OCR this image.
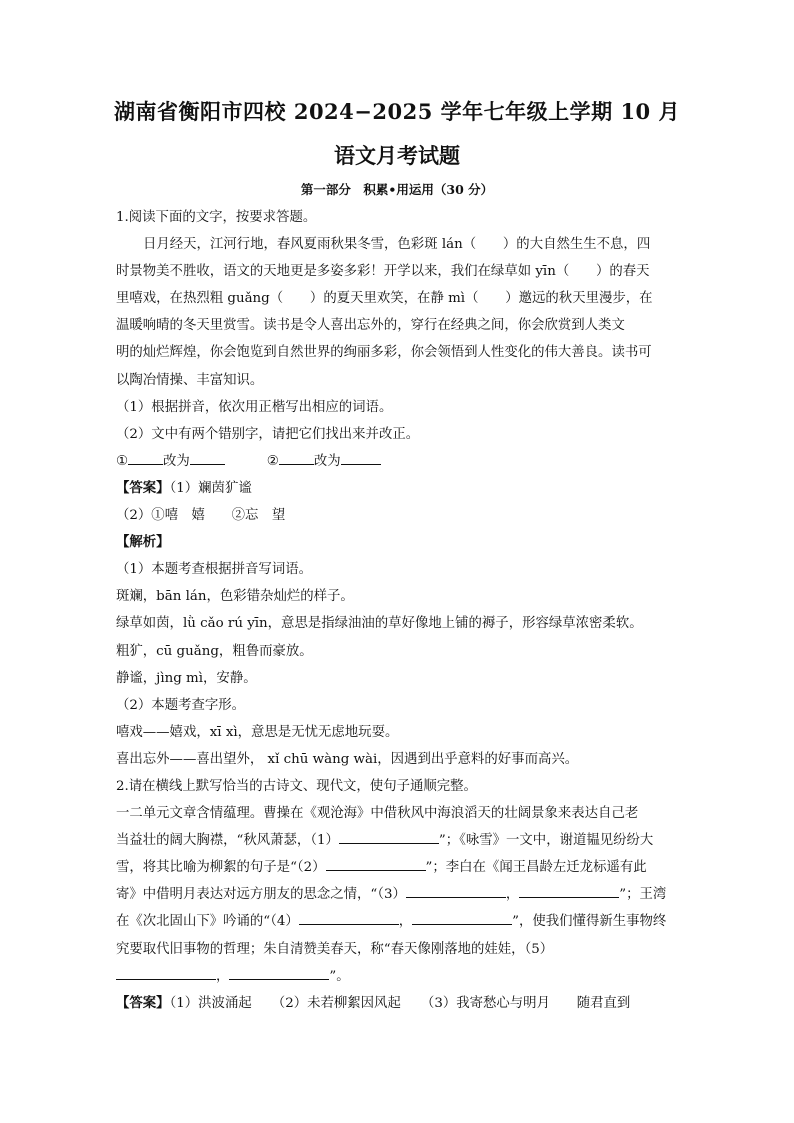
湖南省衡阳市四校 2024−2025 学年七年级上学期 10 月
语文月考试题
第一部分　积累•用运用（30 分）
1.阅读下面的文字，按要求答题。
日月经天，江河行地，春风夏雨秋果冬雪，色彩斑 lán（　　）的大自然生生不息，四
时景物美不胜收，语文的天地更是多姿多彩！开学以来，我们在绿草如 yīn（　　）的春天
里嘻戏，在热烈粗 guǎng（　　）的夏天里欢笑，在静 mì（　　）邀远的秋天里漫步，在
温暖响晴的冬天里赏雪。读书是令人喜出忘外的，穿行在经典之间，你会欣赏到人类文
明的灿烂辉煌，你会饱览到自然世界的绚丽多彩，你会领悟到人性变化的伟大善良。读书可
以陶冶情操、丰富知识。
（1）根据拼音，依次用正楷写出相应的词语。
（2）文中有两个错别字，请把它们找出来并改正。
①	改为	②	改为
【答案】（1）斓茵犷谧
（2）①嘻　嬉　　②忘　望
【解析】
（1）本题考查根据拼音写词语。
斑斓，bān lán，色彩错杂灿烂的样子。
绿草如茵，lǜ cǎo rú yīn，意思是指绿油油的草好像地上铺的褥子，形容绿草浓密柔软。
粗犷，cū guǎng，粗鲁而豪放。
静谧，jìng mì，安静。
（2）本题考查字形。
嘻戏——嬉戏，xī xì，意思是无忧无虑地玩耍。
喜出忘外——喜出望外， xǐ chū wàng wài，因遇到出乎意料的好事而高兴。
2.请在横线上默写恰当的古诗文、现代文，使句子通顺完整。
一二单元文章含情蕴理。曹操在《观沧海》中借秋风中海浪滔天的壮阔景象来表达自己老
当益壮的阔大胸襟，“秋风萧瑟，（1）	”；《咏雪》一文中，谢道韫见纷纷大
雪，将其比喻为柳絮的句子是“（2）	”；李白在《闻王昌龄左迁龙标遥有此
寄》中借明月表达对远方朋友的思念之情，“（3）	，	”；王湾
在《次北固山下》吟诵的“（4）	，	”，使我们懂得新生事物终
究要取代旧事物的哲理；朱自清赞美春天，称“春天像刚落地的娃娃，（5）
，	”。
【答案】（1）洪波涌起　　（2）未若柳絮因风起　　（3）我寄愁心与明月　　随君直到
